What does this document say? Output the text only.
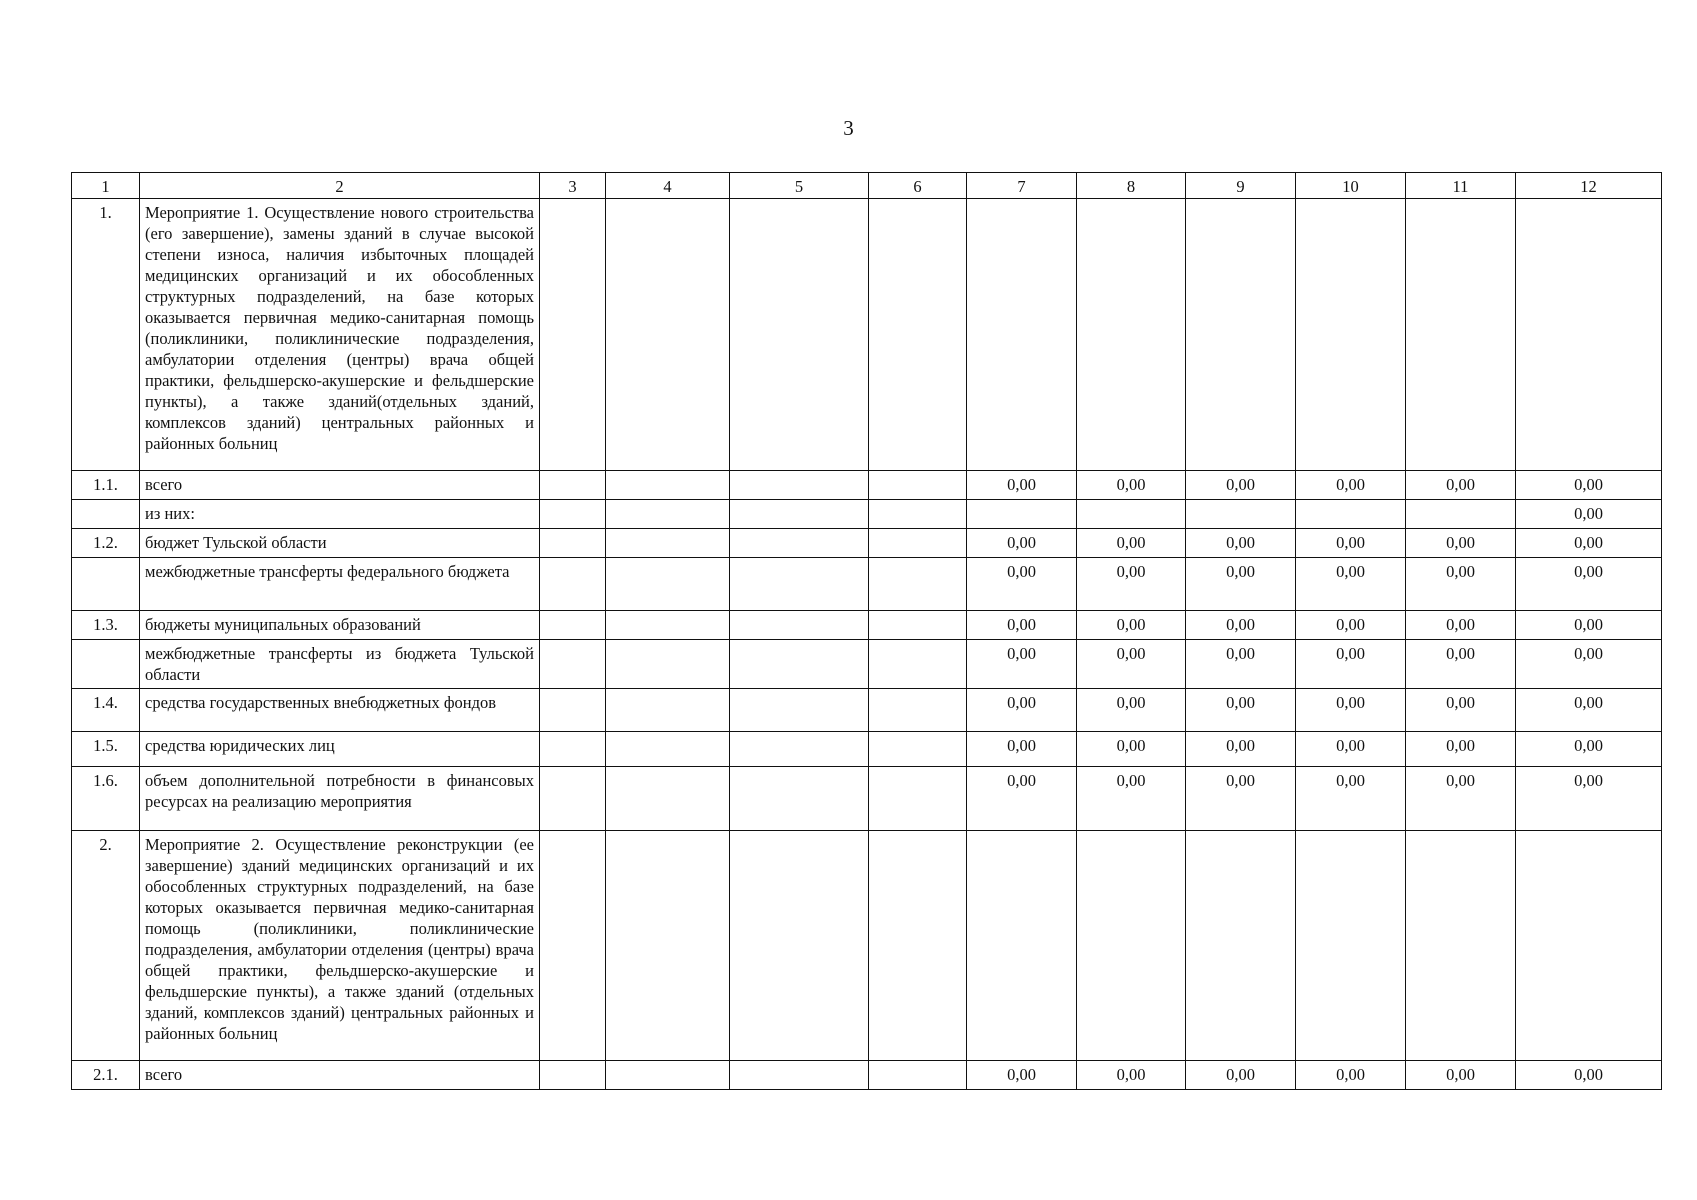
3
1	2	3	4	5	6	7	8	9	10	11	12
1.	Мероприятие 1. Осуществление нового строительства (его завершение), замены зданий в случае высокой степени износа, наличия избыточных площадей медицинских организаций и их обособленных структурных подразделений, на базе которых оказывается первичная медико-санитарная помощь (поликлиники, поликлинические подразделения, амбулатории отделения (центры) врача общей практики, фельдшерско-акушерские и фельдшерские пункты), а также зданий(отдельных зданий, комплексов зданий) центральных районных и районных больниц										

1.1.	всего					0,00	0,00	0,00	0,00	0,00	0,00

	из них:										0,00
1.2.	бюджет Тульской области					0,00	0,00	0,00	0,00	0,00	0,00

	межбюджетные трансферты федерального бюджета					0,00	0,00	0,00	0,00	0,00	0,00
1.3.	бюджеты муниципальных образований					0,00	0,00	0,00	0,00	0,00	0,00

	межбюджетные трансферты из бюджета Тульской области					0,00	0,00	0,00	0,00	0,00	0,00
1.4.	средства государственных внебюджетных фондов					0,00	0,00	0,00	0,00	0,00	0,00
1.5.	средства юридических лиц					0,00	0,00	0,00	0,00	0,00	0,00
1.6.	объем дополнительной потребности в финансовых ресурсах на реализацию мероприятия					0,00	0,00	0,00	0,00	0,00	0,00
2.	Мероприятие 2. Осуществление реконструкции (ее завершение) зданий медицинских организаций и их обособленных структурных подразделений, на базе которых оказывается первичная медико-санитарная помощь (поликлиники, поликлинические подразделения, амбулатории отделения (центры) врача общей практики, фельдшерско-акушерские и фельдшерские пункты), а также зданий (отдельных зданий, комплексов зданий) центральных районных и районных больниц										

2.1.	всего					0,00	0,00	0,00	0,00	0,00	0,00
